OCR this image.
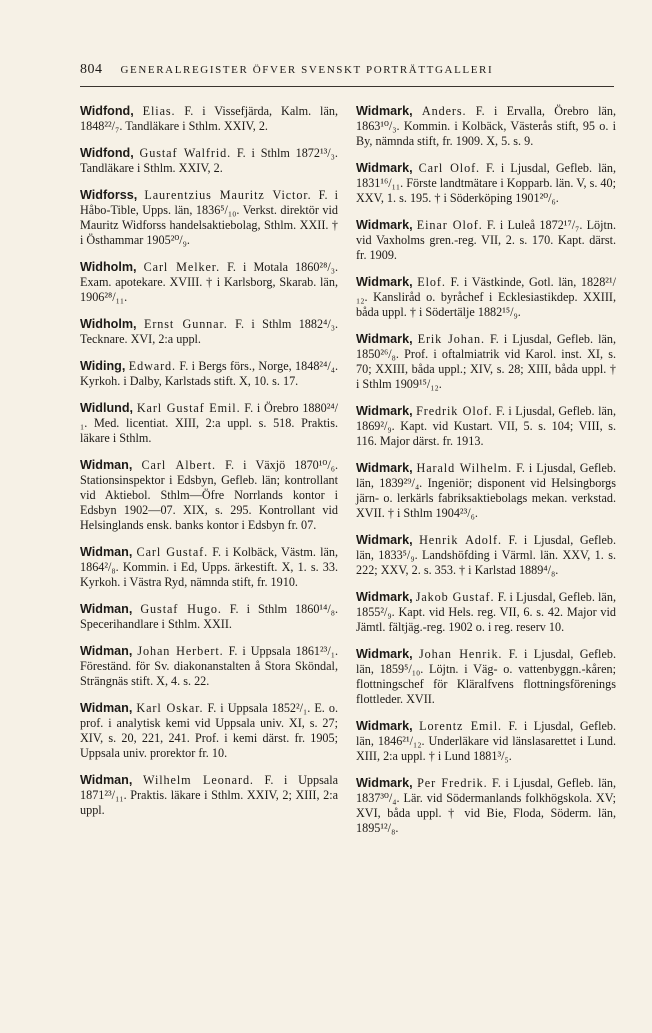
804 GENERALREGISTER ÖFVER SVENSKT PORTRÄTTGALLERI

Widfond, Elias. F. i Vissefjärda, Kalm. län, 1848²²/₇. Tandläkare i Sthlm. XXIV, 2.

Widfond, Gustaf Walfrid. F. i Sthlm 1872¹³/₃. Tandläkare i Sthlm. XXIV, 2.

Widforss, Laurentzius Mauritz Victor. F. i Håbo-Tible, Upps. län, 1836⁵/₁₀. Verkst. direktör vid Mauritz Widforss handelsaktiebolag, Sthlm. XXII. † i Östhammar 1905²⁰/₉.

Widholm, Carl Melker. F. i Motala 1860²⁸/₃. Exam. apotekare. XVIII. † i Karlsborg, Skarab. län, 1906²⁸/₁₁.

Widholm, Ernst Gunnar. F. i Sthlm 1882⁴/₃. Tecknare. XVI, 2:a uppl.

Widing, Edward. F. i Bergs förs., Norge, 1848²⁴/₄. Kyrkoh. i Dalby, Karlstads stift. X, 10. s. 17.

Widlund, Karl Gustaf Emil. F. i Örebro 1880²⁴/₁. Med. licentiat. XIII, 2:a uppl. s. 518. Praktis. läkare i Sthlm.

Widman, Carl Albert. F. i Växjö 1870¹⁰/₆. Stationsinspektor i Edsbyn, Gefleb. län; kontrollant vid Aktiebol. Sthlm—Öfre Norrlands kontor i Edsbyn 1902—07. XIX, s. 295. Kontrollant vid Helsinglands ensk. banks kontor i Edsbyn fr. 07.

Widman, Carl Gustaf. F. i Kolbäck, Västm. län, 1864²/₈. Kommin. i Ed, Upps. ärkestift. X, 1. s. 33. Kyrkoh. i Västra Ryd, nämnda stift, fr. 1910.

Widman, Gustaf Hugo. F. i Sthlm 1860¹⁴/₈. Specerihandlare i Sthlm. XXII.

Widman, Johan Herbert. F. i Uppsala 1861²³/₁. Föreständ. för Sv. diakonanstalten å Stora Sköndal, Strängnäs stift. X, 4. s. 22.

Widman, Karl Oskar. F. i Uppsala 1852²/₁. E. o. prof. i analytisk kemi vid Uppsala univ. XI, s. 27; XIV, s. 20, 221, 241. Prof. i kemi därst. fr. 1905; Uppsala univ. prorektor fr. 10.

Widman, Wilhelm Leonard. F. i Uppsala 1871²³/₁₁. Praktis. läkare i Sthlm. XXIV, 2; XIII, 2:a uppl.

Widmark, Anders. F. i Ervalla, Örebro län, 1863¹⁰/₃. Kommin. i Kolbäck, Västerås stift, 95 o. i By, nämnda stift, fr. 1909. X, 5. s. 9.

Widmark, Carl Olof. F. i Ljusdal, Gefleb. län, 1831¹⁶/₁₁. Förste landtmätare i Kopparb. län. V, s. 40; XXV, 1. s. 195. † i Söderköping 1901²⁰/₆.

Widmark, Einar Olof. F. i Luleå 1872¹⁷/₇. Löjtn. vid Vaxholms gren.-reg. VII, 2. s. 170. Kapt. därst. fr. 1909.

Widmark, Elof. F. i Västkinde, Gotl. län, 1828²¹/₁₂. Kansliråd o. byråchef i Ecklesiastikdep. XXIII, båda uppl. † i Södertälje 1882¹⁵/₉.

Widmark, Erik Johan. F. i Ljusdal, Gefleb. län, 1850²⁶/₈. Prof. i oftalmiatrik vid Karol. inst. XI, s. 70; XXIII, båda uppl.; XIV, s. 28; XIII, båda uppl. † i Sthlm 1909¹⁵/₁₂.

Widmark, Fredrik Olof. F. i Ljusdal, Gefleb. län, 1869²/₉. Kapt. vid Kustart. VII, 5. s. 104; VIII, s. 116. Major därst. fr. 1913.

Widmark, Harald Wilhelm. F. i Ljusdal, Gefleb. län, 1839²⁹/₄. Ingeniör; disponent vid Helsingborgs järn- o. lerkärls fabriksaktiebolags mekan. verkstad. XVII. † i Sthlm 1904²³/₆.

Widmark, Henrik Adolf. F. i Ljusdal, Gefleb. län, 1833⁵/₉. Landshöfding i Värml. län. XXV, 1. s. 222; XXV, 2. s. 353. † i Karlstad 1889⁴/₈.

Widmark, Jakob Gustaf. F. i Ljusdal, Gefleb. län, 1855²/₉. Kapt. vid Hels. reg. VII, 6. s. 42. Major vid Jämtl. fältjäg.-reg. 1902 o. i reg. reserv 10.

Widmark, Johan Henrik. F. i Ljusdal, Gefleb. län, 1859⁵/₁₀. Löjtn. i Väg- o. vattenbyggn.-kåren; flottningschef för Kläralfvens flottningsförenings flottleder. XVII.

Widmark, Lorentz Emil. F. i Ljusdal, Gefleb. län, 1846²¹/₁₂. Underläkare vid länslasarettet i Lund. XIII, 2:a uppl. † i Lund 1881³/₅.

Widmark, Per Fredrik. F. i Ljusdal, Gefleb. län, 1837³⁰/₄. Lär. vid Södermanlands folkhögskola. XV; XVI, båda uppl. † vid Bie, Floda, Söderm. län, 1895¹²/₈.
